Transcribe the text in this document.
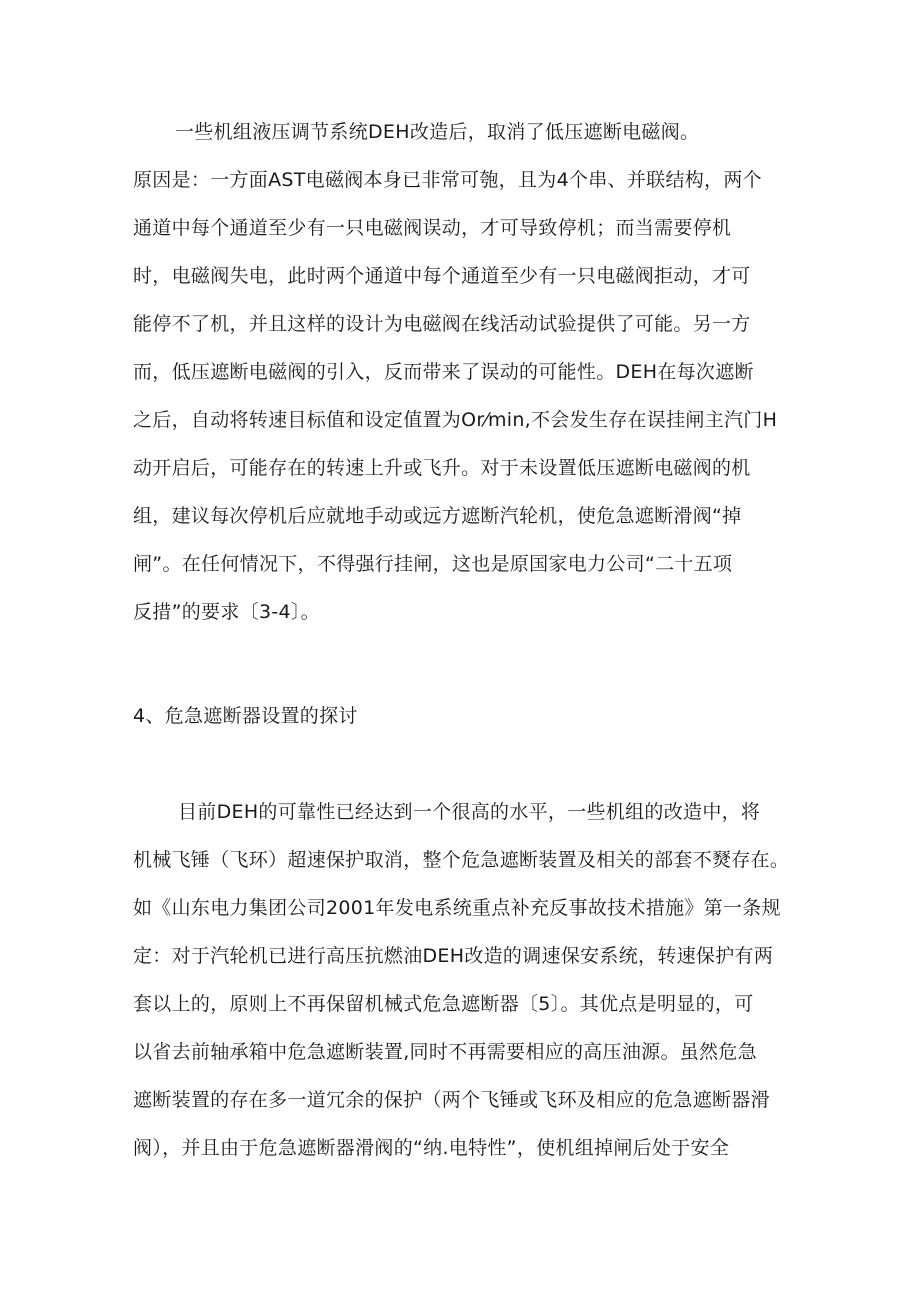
一些机组液压调节系统DEH改造后，取消了低压遮断电磁阀。
原因是：一方面AST电磁阀本身已非常可匏，且为4个串、并联结构，两个
通道中每个通道至少有一只电磁阀误动，才可导致停机；而当需要停机
时，电磁阀失电，此时两个通道中每个通道至少有一只电磁阀拒动，才可
能停不了机，并且这样的设计为电磁阀在线活动试验提供了可能。另一方
而，低压遮断电磁阀的引入，反而带来了误动的可能性。DEH在每次遮断
之后，自动将转速目标值和设定值置为Or⁄min,不会发生存在误挂闸主汽门H
动开启后，可能存在的转速上升或飞升。对于未设置低压遮断电磁阀的机
组，建议每次停机后应就地手动或远方遮断汽轮机，使危急遮断滑阀“掉
闸”。在任何情况下，不得强行挂闸，这也是原国家电力公司“二十五项
反措”的要求〔3-4〕。
4、危急遮断器设置的探讨
目前DEH的可靠性已经达到一个很高的水平，一些机组的改造中，将
机械飞锤（飞环）超速保护取消，整个危急遮断装置及相关的部套不燹存在。
如《山东电力集团公司2001年发电系统重点补充反事故技术措施》第一条规
定：对于汽轮机已进行高压抗燃油DEH改造的调速保安系统，转速保护有两
套以上的，原则上不再保留机械式危急遮断器〔5〕。其优点是明显的，可
以省去前轴承箱中危急遮断装置,同时不再需要相应的高压油源。虽然危急
遮断装置的存在多一道冗余的保护（两个飞锤或飞环及相应的危急遮断器滑
阀），并且由于危急遮断器滑阀的“纳.电特性”，使机组掉闸后处于安全
